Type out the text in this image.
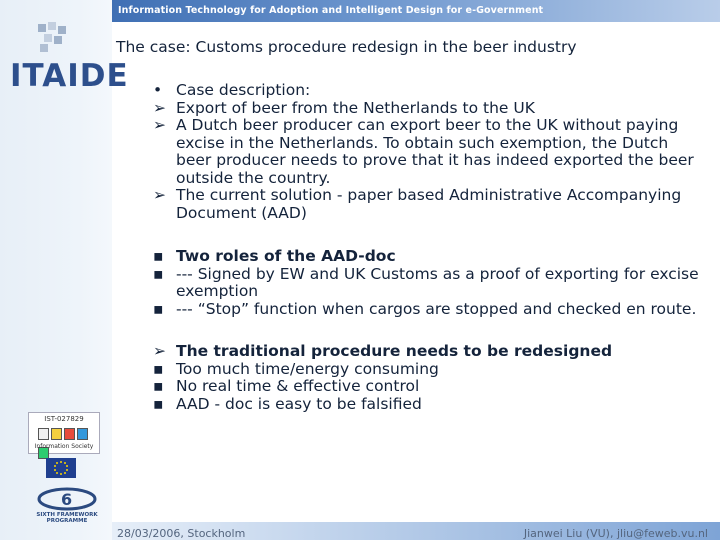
Information Technology for Adoption and Intelligent Design for e-Government
ITAIDE
The case: Customs procedure redesign in the beer industry
• Case description:
➢ Export of beer from the Netherlands to the UK
➢ A Dutch beer producer can export beer to the UK without paying excise in the Netherlands. To obtain such exemption, the Dutch beer producer needs to prove that it has indeed exported the beer outside the country.
➢ The current solution - paper based Administrative Accompanying Document (AAD)
▪ Two roles of the AAD-doc
▪ --- Signed by EW and UK Customs as a proof of exporting for excise exemption
▪ --- “Stop” function when cargos are stopped and checked en route.
➢ The traditional procedure needs to be redesigned
▪ Too much time/energy consuming
▪ No real time & effective control
▪ AAD - doc is easy to be falsified
IST-027829
Information Society
6
SIXTH FRAMEWORK PROGRAMME
28/03/2006, Stockholm	Jianwei Liu (VU), jliu@feweb.vu.nl
